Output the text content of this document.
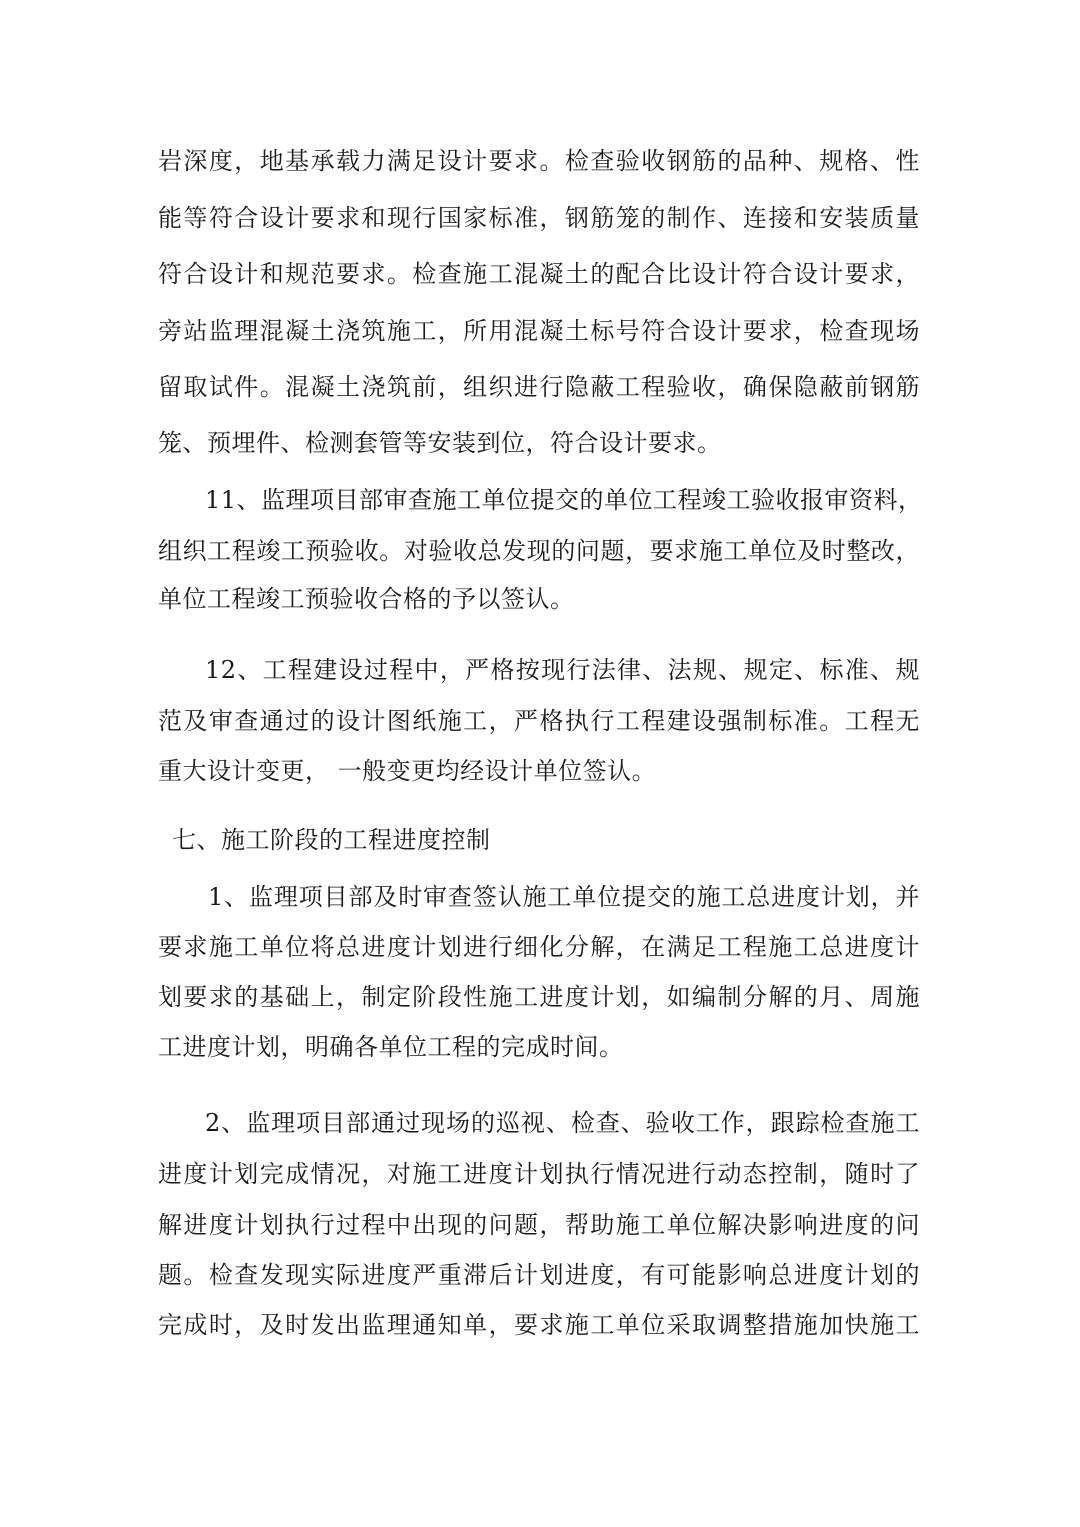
岩深度，地基承载力满足设计要求。检查验收钢筋的品种、规格、性
能等符合设计要求和现行国家标准，钢筋笼的制作、连接和安装质量
符合设计和规范要求。检查施工混凝土的配合比设计符合设计要求，
旁站监理混凝土浇筑施工，所用混凝土标号符合设计要求，检查现场
留取试件。混凝土浇筑前，组织进行隐蔽工程验收，确保隐蔽前钢筋
笼、预埋件、检测套管等安装到位，符合设计要求。
11、监理项目部审查施工单位提交的单位工程竣工验收报审资料，
组织工程竣工预验收。对验收总发现的问题，要求施工单位及时整改，
单位工程竣工预验收合格的予以签认。
12、工程建设过程中，严格按现行法律、法规、规定、标准、规
范及审查通过的设计图纸施工，严格执行工程建设强制标准。工程无
重大设计变更， 一般变更均经设计单位签认。
七、施工阶段的工程进度控制
1、监理项目部及时审查签认施工单位提交的施工总进度计划，并
要求施工单位将总进度计划进行细化分解，在满足工程施工总进度计
划要求的基础上，制定阶段性施工进度计划，如编制分解的月、周施
工进度计划，明确各单位工程的完成时间。
2、监理项目部通过现场的巡视、检查、验收工作，跟踪检查施工
进度计划完成情况，对施工进度计划执行情况进行动态控制，随时了
解进度计划执行过程中出现的问题，帮助施工单位解决影响进度的问
题。检查发现实际进度严重滞后计划进度，有可能影响总进度计划的
完成时，及时发出监理通知单，要求施工单位采取调整措施加快施工
